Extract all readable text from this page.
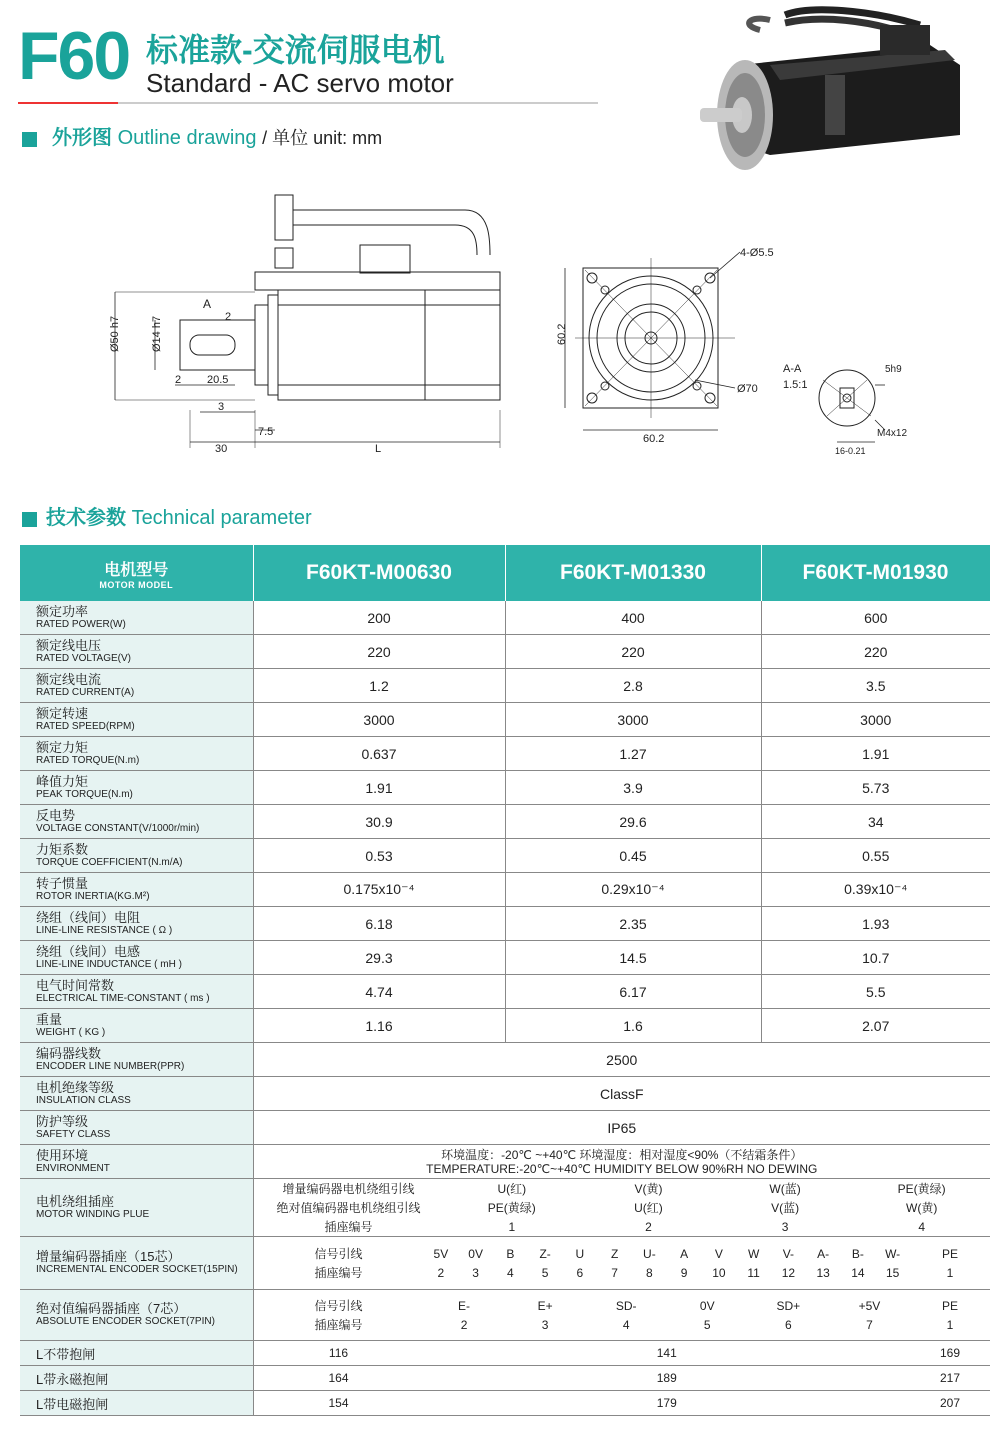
F60 标准款-交流伺服电机
Standard - AC servo motor
外形图 Outline drawing / 单位 unit: mm
Ø50 h7	Ø14 h7
A
2
2 20.5
3
7.5
30	L
4-Ø5.5
60.2
Ø70
60.2
A-A
1.5:1
5h9
M4x12
16-0.21
技术参数 Technical parameter
电机型号
MOTOR MODEL
	F60KT-M00630	F60KT-M01330	F60KT-M01930

额定功率
RATED POWER(W)	200	400	600

额定线电压
RATED VOLTAGE(V)	220	220	220

额定线电流
RATED CURRENT(A)	1.2	2.8	3.5

额定转速
RATED SPEED(RPM)	3000	3000	3000

额定力矩
RATED TORQUE(N.m)	0.637	1.27	1.91

峰值力矩
PEAK TORQUE(N.m)	1.91	3.9	5.73

反电势
VOLTAGE CONSTANT(V/1000r/min)	30.9	29.6	34

力矩系数
TORQUE COEFFICIENT(N.m/A)	0.53	0.45	0.55

转子惯量
ROTOR INERTIA(KG.M²)	0.175x10⁻⁴	0.29x10⁻⁴	0.39x10⁻⁴

绕组（线间）电阻
LINE-LINE RESISTANCE ( Ω )	6.18	2.35	1.93

绕组（线间）电感
LINE-LINE INDUCTANCE ( mH )	29.3	14.5	10.7

电气时间常数
ELECTRICAL TIME-CONSTANT ( ms )	4.74	6.17	5.5

重量
WEIGHT ( KG )	1.16	1.6	2.07

编码器线数
ENCODER LINE NUMBER(PPR)	2500

电机绝缘等级
INSULATION CLASS	ClassF

防护等级
SAFETY CLASS	IP65

使用环境
ENVIRONMENT

环境温度：-20℃ ~+40℃ 环境湿度：相对湿度<90%（不结霜条件）
TEMPERATURE:-20℃~+40℃ HUMIDITY BELOW 90%RH NO DEWING

电机绕组插座
MOTOR WINDING PLUE

增量编码器电机绕组引线	U(红)	V(黄)	W(蓝)	PE(黄绿)
绝对值编码器电机绕组引线	PE(黄绿)	U(红)	V(蓝)	W(黄)
插座编号	1	2	3	4

增量编码器插座（15芯）
INCREMENTAL ENCODER SOCKET(15PIN)

信号引线	5V	0V	B	Z-	U	Z	U-	A	V	W	V-	A-	B-	W-	PE
插座编号	2	3	4	5	6	7	8	9	10	11	12	13	14	15	1

绝对值编码器插座（7芯）
ABSOLUTE ENCODER SOCKET(7PIN)

信号引线	E-	E+	SD-	0V	SD+	+5V	PE
插座编号	2	3	4	5	6	7	1

L不带抱闸		116	141	169

L带永磁抱闸		164	189	217

L带电磁抱闸		154	179	207
